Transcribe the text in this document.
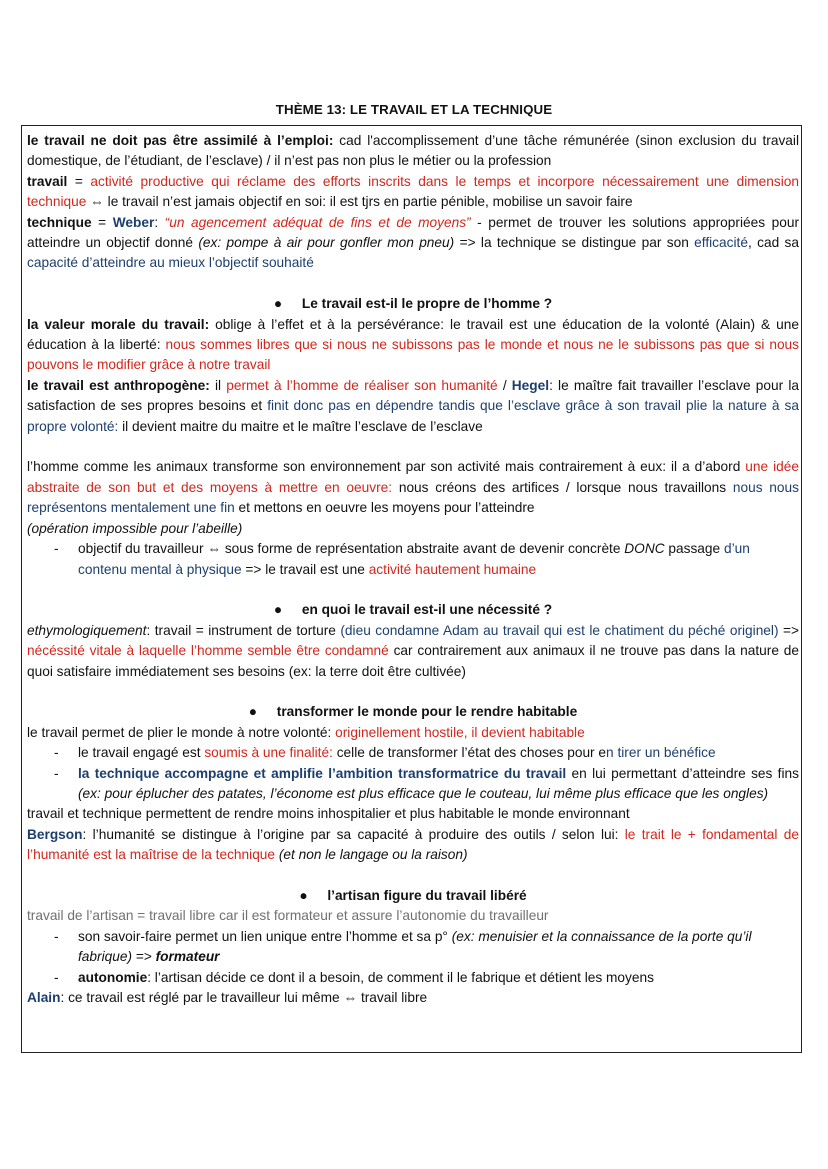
THÈME 13: LE TRAVAIL ET LA TECHNIQUE

le travail ne doit pas être assimilé à l’emploi: cad l'accomplissement d’une tâche rémunérée (sinon exclusion du travail domestique, de l’étudiant, de l’esclave) / il n’est pas non plus le métier ou la profession

travail = activité productive qui réclame des efforts inscrits dans le temps et incorpore nécessairement une dimension technique ⇔ le travail n’est jamais objectif en soi: il est tjrs en partie pénible, mobilise un savoir faire

technique = Weber: “un agencement adéquat de fins et de moyens” - permet de trouver les solutions appropriées pour atteindre un objectif donné (ex: pompe à air pour gonfler mon pneu) => la technique se distingue par son efficacité, cad sa capacité d’atteindre au mieux l’objectif souhaité

● Le travail est-il le propre de l’homme ?

la valeur morale du travail: oblige à l’effet et à la persévérance: le travail est une éducation de la volonté (Alain) & une éducation à la liberté: nous sommes libres que si nous ne subissons pas le monde et nous ne le subissons pas que si nous pouvons le modifier grâce à notre travail

le travail est anthropogène: il permet à l’homme de réaliser son humanité / Hegel: le maître fait travailler l’esclave pour la satisfaction de ses propres besoins et finit donc pas en dépendre tandis que l’esclave grâce à son travail plie la nature à sa propre volonté: il devient maitre du maitre et le maître l’esclave de l’esclave

l’homme comme les animaux transforme son environnement par son activité mais contrairement à eux: il a d’abord une idée abstraite de son but et des moyens à mettre en oeuvre: nous créons des artifices / lorsque nous travaillons nous nous représentons mentalement une fin et mettons en oeuvre les moyens pour l’atteindre
(opération impossible pour l’abeille)

- objectif du travailleur ⇔ sous forme de représentation abstraite avant de devenir concrète DONC passage d’un contenu mental à physique => le travail est une activité hautement humaine

● en quoi le travail est-il une nécessité ?

ethymologiquement: travail = instrument de torture (dieu condamne Adam au travail qui est le chatiment du péché originel) => nécéssité vitale à laquelle l’homme semble être condamné car contrairement aux animaux il ne trouve pas dans la nature de quoi satisfaire immédiatement ses besoins (ex: la terre doit être cultivée)

● transformer le monde pour le rendre habitable

le travail permet de plier le monde à notre volonté: originellement hostile, il devient habitable

- le travail engagé est soumis à une finalité: celle de transformer l’état des choses pour en tirer un bénéfice

- la technique accompagne et amplifie l’ambition transformatrice du travail en lui permettant d’atteindre ses fins (ex: pour éplucher des patates, l’économe est plus efficace que le couteau, lui même plus efficace que les ongles)

travail et technique permettent de rendre moins inhospitalier et plus habitable le monde environnant

Bergson: l’humanité se distingue à l’origine par sa capacité à produire des outils / selon lui: le trait le + fondamental de l’humanité est la maîtrise de la technique (et non le langage ou la raison)

● l’artisan figure du travail libéré

travail de l’artisan = travail libre car il est formateur et assure l’autonomie du travailleur

- son savoir-faire permet un lien unique entre l’homme et sa p° (ex: menuisier et la connaissance de la porte qu’il fabrique) => formateur

- autonomie: l’artisan décide ce dont il a besoin, de comment il le fabrique et détient les moyens

Alain: ce travail est réglé par le travailleur lui même ⇔ travail libre
